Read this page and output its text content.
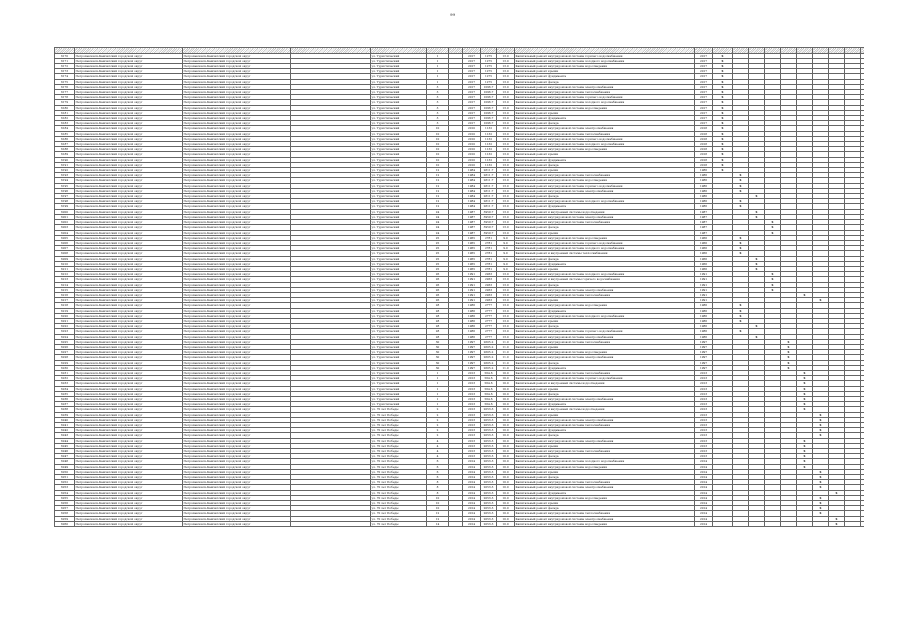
99

6170	Петропавловск-Камчатский городской округ	Петропавловск-Камчатский городской округ		ул. Туристический	1		2017	1275	13.0	Капитальный ремонт внутридомовой системы горячего водоснабжения	2017	X									
6171	Петропавловск-Камчатский городской округ	Петропавловск-Камчатский городской округ		ул. Туристический	1		2017	1275	13.0	Капитальный ремонт внутридомовой системы холодного водоснабжения	2017	X									
6172	Петропавловск-Камчатский городской округ	Петропавловск-Камчатский городской округ		ул. Туристический	1		2017	1275	13.0	Капитальный ремонт внутридомовой системы водоотведения	2017	X									
6173	Петропавловск-Камчатский городской округ	Петропавловск-Камчатский городской округ		ул. Туристический	1		2017	1275	13.0	Капитальный ремонт крыши	2017	X									
6174	Петропавловск-Камчатский городской округ	Петропавловск-Камчатский городской округ		ул. Туристический	1		2017	1275	13.0	Капитальный ремонт фундамента	2017	X									
6175	Петропавловск-Камчатский городской округ	Петропавловск-Камчатский городской округ		ул. Туристический	1		2017	1275	13.0	Капитальный ремонт фасада	2017	X									
6176	Петропавловск-Камчатский городской округ	Петропавловск-Камчатский городской округ		ул. Туристический	3		2017	1096.7	13.0	Капитальный ремонт внутридомовой системы электроснабжения	2017	X									
6177	Петропавловск-Камчатский городской округ	Петропавловск-Камчатский городской округ		ул. Туристический	3		2017	1096.7	13.0	Капитальный ремонт внутридомовой системы теплоснабжения	2017	X									
6178	Петропавловск-Камчатский городской округ	Петропавловск-Камчатский городской округ		ул. Туристический	3		2017	1096.7	13.0	Капитальный ремонт внутридомовой системы горячего водоснабжения	2017	X									
6179	Петропавловск-Камчатский городской округ	Петропавловск-Камчатский городской округ		ул. Туристический	3		2017	1096.7	13.0	Капитальный ремонт внутридомовой системы холодного водоснабжения	2017	X									
6180	Петропавловск-Камчатский городской округ	Петропавловск-Камчатский городской округ		ул. Туристический	3		2017	1096.7	13.0	Капитальный ремонт внутридомовой системы водоотведения	2017	X									
6181	Петропавловск-Камчатский городской округ	Петропавловск-Камчатский городской округ		ул. Туристический	3		2017	1096.7	13.0	Капитальный ремонт крыши	2017	X									
6182	Петропавловск-Камчатский городской округ	Петропавловск-Камчатский городской округ		ул. Туристический	3		2017	1096.7	13.0	Капитальный ремонт фундамента	2017	X									
6183	Петропавловск-Камчатский городской округ	Петропавловск-Камчатский городской округ		ул. Туристический	3		2017	1096.7	13.0	Капитальный ремонт фасада	2017	X									
6184	Петропавловск-Камчатский городской округ	Петропавловск-Камчатский городской округ		ул. Туристический	10		2010	1132	13.0	Капитальный ремонт внутридомовой системы электроснабжения	2018	X									
6185	Петропавловск-Камчатский городской округ	Петропавловск-Камчатский городской округ		ул. Туристический	10		2010	1132	13.0	Капитальный ремонт внутридомовой системы теплоснабжения	2018	X									
6186	Петропавловск-Камчатский городской округ	Петропавловск-Камчатский городской округ		ул. Туристический	10		2010	1132	13.0	Капитальный ремонт внутридомовой системы горячего водоснабжения	2018	X									
6187	Петропавловск-Камчатский городской округ	Петропавловск-Камчатский городской округ		ул. Туристический	10		2010	1132	13.0	Капитальный ремонт внутридомовой системы холодного водоснабжения	2018	X									
6188	Петропавловск-Камчатский городской округ	Петропавловск-Камчатский городской округ		ул. Туристический	10		2010	1132	13.0	Капитальный ремонт внутридомовой системы водоотведения	2018	X									
6189	Петропавловск-Камчатский городской округ	Петропавловск-Камчатский городской округ		ул. Туристический	10		2010	1132	13.0	Капитальный ремонт крыши	2018	X									
6190	Петропавловск-Камчатский городской округ	Петропавловск-Камчатский городской округ		ул. Туристический	10		2010	1132	13.0	Капитальный ремонт фундамента	2018	X									
6191	Петропавловск-Камчатский городской округ	Петропавловск-Камчатский городской округ		ул. Туристический	10		2010	1132	13.0	Капитальный ремонт фасада	2018	X									
6192	Петропавловск-Камчатский городской округ	Петропавловск-Камчатский городской округ		ул. Туристический	12		1984	2811.7	13.0	Капитальный ремонт крыши	1986	X									
6193	Петропавловск-Камчатский городской округ	Петропавловск-Камчатский городской округ		ул. Туристический	12		1984	2811.7	13.0	Капитальный ремонт внутридомовой системы теплоснабжения	1986		X								
6194	Петропавловск-Камчатский городской округ	Петропавловск-Камчатский городской округ		ул. Туристический	12		1984	2811.7	13.0	Капитальный ремонт внутридомовой системы водоотведения	1986		X								
6195	Петропавловск-Камчатский городской округ	Петропавловск-Камчатский городской округ		ул. Туристический	12		1984	2811.7	13.0	Капитальный ремонт внутридомовой системы горячего водоснабжения	1986		X								
6196	Петропавловск-Камчатский городской округ	Петропавловск-Камчатский городской округ		ул. Туристический	12		1984	2811.7	13.0	Капитальный ремонт внутридомовой системы электроснабжения	1986		X								
6197	Петропавловск-Камчатский городской округ	Петропавловск-Камчатский городской округ		ул. Туристический	12		1984	2811.7	13.0	Капитальный ремонт фасада	1986			X							
6198	Петропавловск-Камчатский городской округ	Петропавловск-Камчатский городской округ		ул. Туристический	12		1984	2811.7	13.0	Капитальный ремонт внутридомовой системы холодного водоснабжения	1986		X								
6199	Петропавловск-Камчатский городской округ	Петропавловск-Камчатский городской округ		ул. Туристический	12		1984	2811.7	13.0	Капитальный ремонт фундамента	1986		X								
6200	Петропавловск-Камчатский городской округ	Петропавловск-Камчатский городской округ		ул. Туристический	24		1987	3959.7	13.0	Капитальный ремонт и внутренней системы водоотведения	1987			X							
6201	Петропавловск-Камчатский городской округ	Петропавловск-Камчатский городской округ		ул. Туристический	24		1987	3959.7	13.0	Капитальный ремонт внутридомовой системы электроснабжения	1987			X							
6202	Петропавловск-Камчатский городской округ	Петропавловск-Камчатский городской округ		ул. Туристический	24		1987	3959.7	13.0	Капитальный ремонт внутридомовой системы теплоснабжения	1987				X						
6203	Петропавловск-Камчатский городской округ	Петропавловск-Камчатский городской округ		ул. Туристический	24		1987	3959.7	13.0	Капитальный ремонт фасада	1987				X						
6204	Петропавловск-Камчатский городской округ	Петропавловск-Камчатский городской округ		ул. Туристический	24		1987	3959.7	13.0	Капитальный ремонт крыши	1987				X						
6205	Петропавловск-Камчатский городской округ	Петропавловск-Камчатский городской округ		ул. Туристический	25		1965	2781	9.0	Капитальный ремонт внутридомовой системы водоотведения	1966		X								
6206	Петропавловск-Камчатский городской округ	Петропавловск-Камчатский городской округ		ул. Туристический	25		1965	2781	9.0	Капитальный ремонт внутридомовой системы горячего водоснабжения	1966		X								
6207	Петропавловск-Камчатский городской округ	Петропавловск-Камчатский городской округ		ул. Туристический	25		1965	2781	9.0	Капитальный ремонт внутридомовой системы холодного водоснабжения	1966		X								
6208	Петропавловск-Камчатский городской округ	Петропавловск-Камчатский городской округ		ул. Туристический	25		1965	2781	9.0	Капитальный ремонт и внутренней системы теплоснабжения	1966		X								
6209	Петропавловск-Камчатский городской округ	Петропавловск-Камчатский городской округ		ул. Туристический	25		1965	2781	9.0	Капитальный ремонт фасада	1966			X							
6210	Петропавловск-Камчатский городской округ	Петропавловск-Камчатский городской округ		ул. Туристический	25		1965	2781	9.0	Капитальный ремонт фундамента	1966			X							
6211	Петропавловск-Камчатский городской округ	Петропавловск-Камчатский городской округ		ул. Туристический	25		1965	2781	9.0	Капитальный ремонт крыши	1966			X							
6212	Петропавловск-Камчатский городской округ	Петропавловск-Камчатский городской округ		ул. Туристический	26		1991	2933	13.0	Капитальный ремонт внутридомовой системы холодного водоснабжения	1991				X						
6213	Петропавловск-Камчатский городской округ	Петропавловск-Камчатский городской округ		ул. Туристический	26		1991	2933	13.0	Капитальный ремонт и внутренней системы горячего водоснабжения	1991				X						
6214	Петропавловск-Камчатский городской округ	Петропавловск-Камчатский городской округ		ул. Туристический	26		1991	2933	13.0	Капитальный ремонт фасада	1991				X						
6215	Петропавловск-Камчатский городской округ	Петропавловск-Камчатский городской округ		ул. Туристический	26		1991	2933	13.0	Капитальный ремонт внутридомовой системы электроснабжения	1991				X						
6216	Петропавловск-Камчатский городской округ	Петропавловск-Камчатский городской округ		ул. Туристический	26		1991	2933	13.0	Капитальный ремонт внутридомовой системы теплоснабжения	1991						X				
6217	Петропавловск-Камчатский городской округ	Петропавловск-Камчатский городской округ		ул. Туристический	26		1991	2933	13.0	Капитальный ремонт крыши	1991							X			
6218	Петропавловск-Камчатский городской округ	Петропавловск-Камчатский городской округ		ул. Туристический	28		1986	2777	13.0	Капитальный ремонт внутридомовой системы водоотведения	1986		X								
6219	Петропавловск-Камчатский городской округ	Петропавловск-Камчатский городской округ		ул. Туристический	28		1986	2777	13.0	Капитальный ремонт фундамента	1986		X								
6220	Петропавловск-Камчатский городской округ	Петропавловск-Камчатский городской округ		ул. Туристический	28		1986	2777	13.0	Капитальный ремонт внутридомовой системы холодного водоснабжения	1986		X								
6221	Петропавловск-Камчатский городской округ	Петропавловск-Камчатский городской округ		ул. Туристический	28		1986	2777	13.0	Капитальный ремонт крыши	1986		X								
6222	Петропавловск-Камчатский городской округ	Петропавловск-Камчатский городской округ		ул. Туристический	28		1986	2777	13.0	Капитальный ремонт фасада	1986			X							
6223	Петропавловск-Камчатский городской округ	Петропавловск-Камчатский городской округ		ул. Туристический	28		1986	2777	13.0	Капитальный ремонт внутридомовой системы горячего водоснабжения	1986		X								
6224	Петропавловск-Камчатский городской округ	Петропавловск-Камчатский городской округ		ул. Туристический	28		1986	2777	13.0	Капитальный ремонт внутридомовой системы электроснабжения	1986			X							
6225	Петропавловск-Камчатский городской округ	Петропавловск-Камчатский городской округ		ул. Туристический	30		1997	2605.2	11.0	Капитальный ремонт внутридомовой системы теплоснабжения	1997					X					
6226	Петропавловск-Камчатский городской округ	Петропавловск-Камчатский городской округ		ул. Туристический	30		1997	2605.2	11.0	Капитальный ремонт крыши	1997					X					
6227	Петропавловск-Камчатский городской округ	Петропавловск-Камчатский городской округ		ул. Туристический	30		1997	2605.2	11.0	Капитальный ремонт внутридомовой системы водоотведения	1997					X					
6228	Петропавловск-Камчатский городской округ	Петропавловск-Камчатский городской округ		ул. Туристический	30		1997	2605.2	11.0	Капитальный ремонт внутридомовой системы электроснабжения	1997					X					
6229	Петропавловск-Камчатский городской округ	Петропавловск-Камчатский городской округ		ул. Туристический	30		1997	2605.2	11.0	Капитальный ремонт фасада	1997					X					
6230	Петропавловск-Камчатский городской округ	Петропавловск-Камчатский городской округ		ул. Туристический	30		1997	2605.2	11.0	Капитальный ремонт фундамента	1997					X					
6231	Петропавловск-Камчатский городской округ	Петропавловск-Камчатский городской округ		ул. Туристический	1		2013	564.6	10.0	Капитальный ремонт внутридомовой системы теплоснабжения	2013						X				
6232	Петропавловск-Камчатский городской округ	Петропавловск-Камчатский городской округ		ул. Туристический	1		2013	564.6	10.0	Капитальный ремонт внутридомовой системы горячего водоснабжения	2013						X				
6233	Петропавловск-Камчатский городской округ	Петропавловск-Камчатский городской округ		ул. Туристический	1		2013	564.6	10.0	Капитальный ремонт и внутренней системы водоотведения	2013						X				
6234	Петропавловск-Камчатский городской округ	Петропавловск-Камчатский городской округ		ул. Туристический	1		2013	564.6	10.0	Капитальный ремонт крыши	2013						X				
6235	Петропавловск-Камчатский городской округ	Петропавловск-Камчатский городской округ		ул. Туристический	1		2013	564.6	10.0	Капитальный ремонт фасада	2013						X				
6236	Петропавловск-Камчатский городской округ	Петропавловск-Камчатский городской округ		ул. Туристический	1		2013	564.6	10.0	Капитальный ремонт внутридомовой системы электроснабжения	2013						X				
6237	Петропавловск-Камчатский городской округ	Петропавловск-Камчатский городской округ		ул. Туристический	1		2013	564.6	10.0	Капитальный ремонт фундамента	2013						X				
6238	Петропавловск-Камчатский городской округ	Петропавловск-Камчатский городской округ		ул. 70 лет Победы	2		2013	2053.3	10.0	Капитальный ремонт и внутренней системы водоотведения	2013						X				
6239	Петропавловск-Камчатский городской округ	Петропавловск-Камчатский городской округ		ул. 70 лет Победы	2		2013	2053.3	10.0	Капитальный ремонт крыши	2013							X			
6240	Петропавловск-Камчатский городской округ	Петропавловск-Камчатский городской округ		ул. 70 лет Победы	2		2013	2053.3	10.0	Капитальный ремонт внутридомовой системы электроснабжения	2013							X			
6241	Петропавловск-Камчатский городской округ	Петропавловск-Камчатский городской округ		ул. 70 лет Победы	2		2013	2053.3	10.0	Капитальный ремонт внутридомовой системы теплоснабжения	2013							X			
6242	Петропавловск-Камчатский городской округ	Петропавловск-Камчатский городской округ		ул. 70 лет Победы	2		2013	2053.3	10.0	Капитальный ремонт фундамента	2013							X			
6243	Петропавловск-Камчатский городской округ	Петропавловск-Камчатский городской округ		ул. 70 лет Победы	2		2013	2053.3	10.0	Капитальный ремонт фасада	2013							X			
6244	Петропавловск-Камчатский городской округ	Петропавловск-Камчатский городской округ		ул. 70 лет Победы	4		2013	2053.3	10.0	Капитальный ремонт внутридомовой системы электроснабжения	2013						X				
6245	Петропавловск-Камчатский городской округ	Петропавловск-Камчатский городской округ		ул. 70 лет Победы	4		2013	2053.3	10.0	Капитальный ремонт крыши	2013						X				
6246	Петропавловск-Камчатский городской округ	Петропавловск-Камчатский городской округ		ул. 70 лет Победы	4		2013	2053.3	10.0	Капитальный ремонт внутридомовой системы теплоснабжения	2013						X				
6247	Петропавловск-Камчатский городской округ	Петропавловск-Камчатский городской округ		ул. 70 лет Победы	4		2013	2053.3	10.0	Капитальный ремонт фасада	2013						X				
6248	Петропавловск-Камчатский городской округ	Петропавловск-Камчатский городской округ		ул. 70 лет Победы	6		2014	2053.3	10.0	Капитальный ремонт внутридомовой системы холодного водоснабжения	2014						X				
6249	Петропавловск-Камчатский городской округ	Петропавловск-Камчатский городской округ		ул. 70 лет Победы	6		2014	2053.3	10.0	Капитальный ремонт внутридомовой системы водоотведения	2014						X				
6250	Петропавловск-Камчатский городской округ	Петропавловск-Камчатский городской округ		ул. 70 лет Победы	6		2014	2053.3	10.0	Капитальный ремонт крыши	2014							X			
6251	Петропавловск-Камчатский городской округ	Петропавловск-Камчатский городской округ		ул. 70 лет Победы	6		2014	2053.3	10.0	Капитальный ремонт фасада	2014							X			
6252	Петропавловск-Камчатский городской округ	Петропавловск-Камчатский городской округ		ул. 70 лет Победы	8		2014	2053.3	10.0	Капитальный ремонт внутридомовой системы теплоснабжения	2014							X			
6253	Петропавловск-Камчатский городской округ	Петропавловск-Камчатский городской округ		ул. 70 лет Победы	8		2014	2053.3	10.0	Капитальный ремонт внутридомовой системы электроснабжения	2014							X			
6254	Петропавловск-Камчатский городской округ	Петропавловск-Камчатский городской округ		ул. 70 лет Победы	8		2014	2053.3	10.0	Капитальный ремонт фундамента	2014								X		
6255	Петропавловск-Камчатский городской округ	Петропавловск-Камчатский городской округ		ул. 70 лет Победы	10		2014	2053.3	10.0	Капитальный ремонт внутридомовой системы водоотведения	2014							X			
6256	Петропавловск-Камчатский городской округ	Петропавловск-Камчатский городской округ		ул. 70 лет Победы	10		2014	2053.3	10.0	Капитальный ремонт крыши	2014							X			
6257	Петропавловск-Камчатский городской округ	Петропавловск-Камчатский городской округ		ул. 70 лет Победы	10		2014	2053.3	10.0	Капитальный ремонт фасада	2014							X			
6258	Петропавловск-Камчатский городской округ	Петропавловск-Камчатский городской округ		ул. 70 лет Победы	12		2014	2053.3	10.0	Капитальный ремонт внутридомовой системы теплоснабжения	2014							X			
6259	Петропавловск-Камчатский городской округ	Петропавловск-Камчатский городской округ		ул. 70 лет Победы	12		2014	2053.3	10.0	Капитальный ремонт внутридомовой системы электроснабжения	2014								X		
6260	Петропавловск-Камчатский городской округ	Петропавловск-Камчатский городской округ		ул. 70 лет Победы	14		2014	2053.3	10.0	Капитальный ремонт внутридомовой системы водоотведения	2014								X		
